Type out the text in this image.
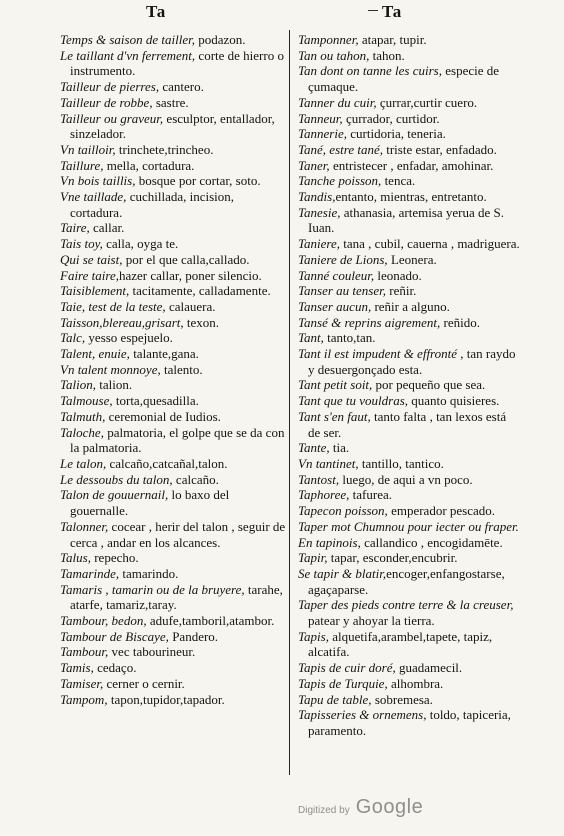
Ta	Ta

Temps & saison de tailler, podazon.

Le taillant d'vn ferrement, corte de hierro o instrumento.

Tailleur de pierres, cantero.

Tailleur de robbe, sastre.

Tailleur ou graveur, esculptor, entallador, sinzelador.

Vn tailloir, trinchete,trincheo.

Taillure, mella, cortadura.

Vn bois taillis, bosque por cortar, soto.

Vne taillade, cuchillada, incision, cortadura.

Taire, callar.

Tais toy, calla, oyga te.

Qui se taist, por el que calla,callado.

Faire taire,hazer callar, poner silencio.

Taisiblement, tacitamente, calladamente.

Taie, test de la teste, calauera.

Taisson,blereau,grisart, texon.

Talc, yesso espejuelo.

Talent, enuie, talante,gana.

Vn talent monnoye, talento.

Talion, talion.

Talmouse, torta,quesadilla.

Talmuth, ceremonial de Iudios.

Taloche, palmatoria, el golpe que se da con la palmatoria.

Le talon, calcaño,catcañal,talon.

Le dessoubs du talon, calcaño.

Talon de gouuernail, lo baxo del gouernalle.

Talonner, cocear , herir del talon , seguir de cerca , andar en los alcances.

Talus, repecho.

Tamarinde, tamarindo.

Tamaris , tamarin ou de la bruyere, tarahe, atarfe, tamariz,taray.

Tambour, bedon, adufe,tamboril,atambor.

Tambour de Biscaye, Pandero.

Tambour, vec tabourineur.

Tamis, cedaço.

Tamiser, cerner o cernir.

Tampom, tapon,tupidor,tapador.

Tamponner, atapar, tupir.

Tan ou tahon, tahon.

Tan dont on tanne les cuirs, especie de çumaque.

Tanner du cuir, çurrar,curtir cuero.

Tanneur, çurrador, curtidor.

Tannerie, curtidoria, teneria.

Tané, estre tané, triste estar, enfadado.

Taner, entristecer , enfadar, amohinar.

Tanche poisson, tenca.

Tandis,entanto, mientras, entretanto.

Tanesie, athanasia, artemisa yerua de S. Iuan.

Taniere, tana , cubil, cauerna , madriguera.

Taniere de Lions, Leonera.

Tanné couleur, leonado.

Tanser au tenser, reñir.

Tanser aucun, reñir a alguno.

Tansé & reprins aigrement, reñido.

Tant, tanto,tan.

Tant il est impudent & effronté , tan raydo y desuergonçado esta.

Tant petit soit, por pequeño que sea.

Tant que tu vouldras, quanto quisieres.

Tant s'en faut, tanto falta , tan lexos está de ser.

Tante, tia.

Vn tantinet, tantillo, tantico.

Tantost, luego, de aqui a vn poco.

Taphoree, tafurea.

Tapecon poisson, emperador pescado.

Taper mot Chumnou pour iecter ou fraper.

En tapinois, callandico , encogidamēte.

Tapir, tapar, esconder,encubrir.

Se tapir & blatir,encoger,enfangostarse, agaçaparse.

Taper des pieds contre terre & la creuser, patear y ahoyar la tierra.

Tapis, alquetifa,arambel,tapete, tapiz, alcatifa.

Tapis de cuir doré, guadamecil.

Tapis de Turquie, alhombra.

Tapu de table, sobremesa.

Tapisseries & ornemens, toldo, tapiceria, paramento.

Digitized by Google
